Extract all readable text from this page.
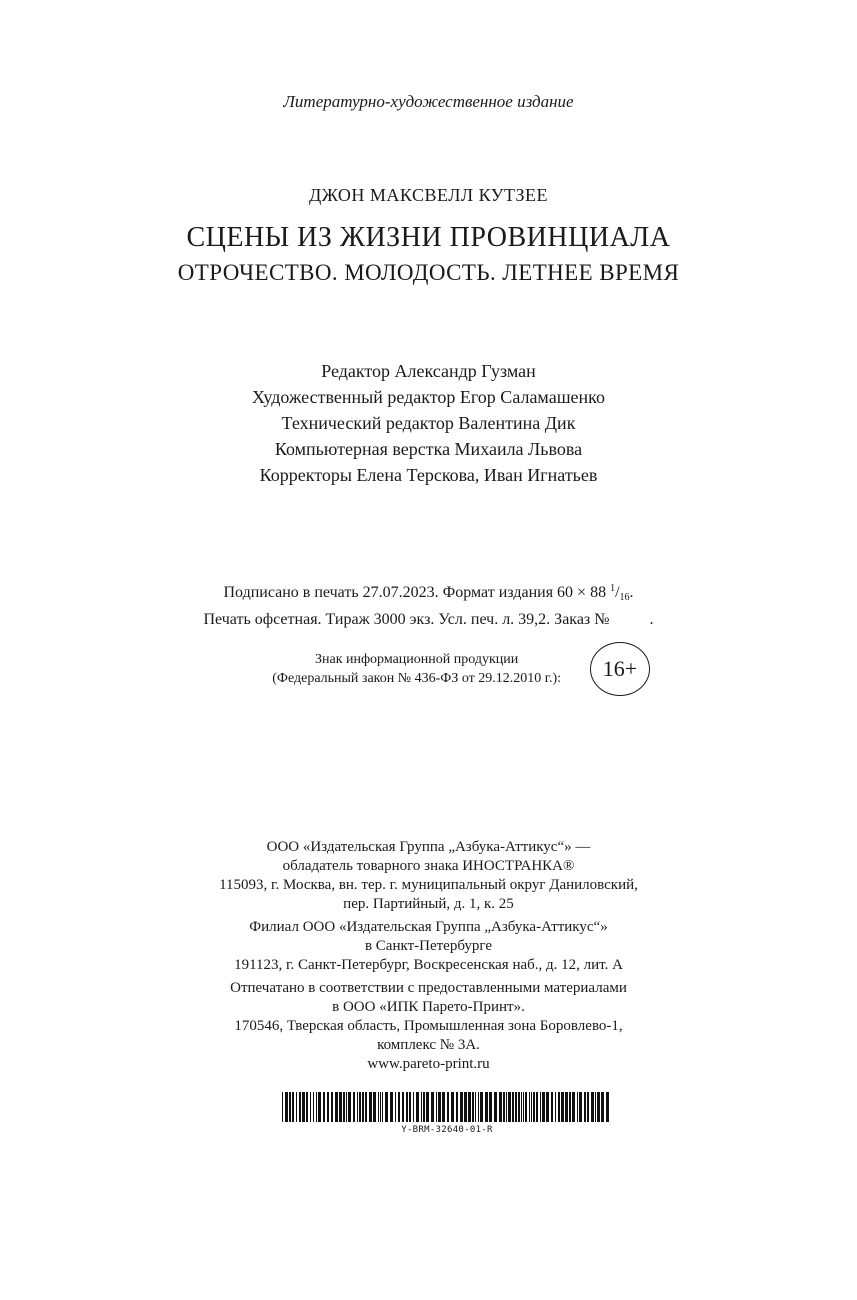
Литературно-художественное издание
ДЖОН МАКСВЕЛЛ КУТЗЕЕ
СЦЕНЫ ИЗ ЖИЗНИ ПРОВИНЦИАЛА
ОТРОЧЕСТВО. МОЛОДОСТЬ. ЛЕТНЕЕ ВРЕМЯ
Редактор Александр Гузман
Художественный редактор Егор Саламашенко
Технический редактор Валентина Дик
Компьютерная верстка Михаила Львова
Корректоры Елена Терскова, Иван Игнатьев
Подписано в печать 27.07.2023. Формат издания 60 × 88 $^1/_{16}$.
Печать офсетная. Тираж 3000 экз. Усл. печ. л. 39,2. Заказ №          .
Знак информационной продукции
(Федеральный закон № 436-ФЗ от 29.12.2010 г.):	16+
ООО «Издательская Группа „Азбука-Аттикус“» —
обладатель товарного знака ИНОСТРАНКА®
115093, г. Москва, вн. тер. г. муниципальный округ Даниловский,
пер. Партийный, д. 1, к. 25
Филиал ООО «Издательская Группа „Азбука-Аттикус“»
в Санкт-Петербурге
191123, г. Санкт-Петербург, Воскресенская наб., д. 12, лит. А
Отпечатано в соответствии с предоставленными материалами
в ООО «ИПК Парето-Принт».
170546, Тверская область, Промышленная зона Боровлево-1,
комплекс № 3А.
www.pareto-print.ru
Y-BRM-32640-01-R
